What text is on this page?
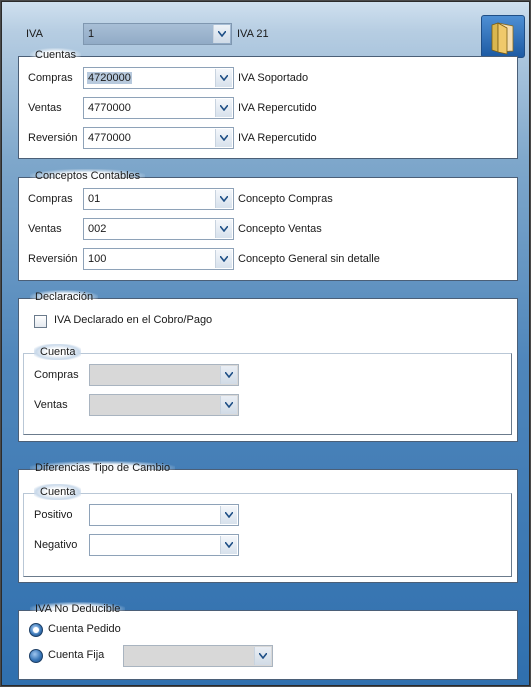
IVA	1	IVA 21
Cuentas
Compras 4720000	IVA Soportado
Ventas 4770000	IVA Repercutido
Reversión 4770000	IVA Repercutido
Conceptos Contables
Compras 01	Concepto Compras
Ventas 002	Concepto Ventas
Reversión 100	Concepto General sin detalle
Declaración
IVA Declarado en el Cobro/Pago
Cuenta
Compras
Ventas
Diferencias Tipo de Cambio
Cuenta
Positivo
Negativo
IVA No Deducible
Cuenta Pedido
Cuenta Fija
